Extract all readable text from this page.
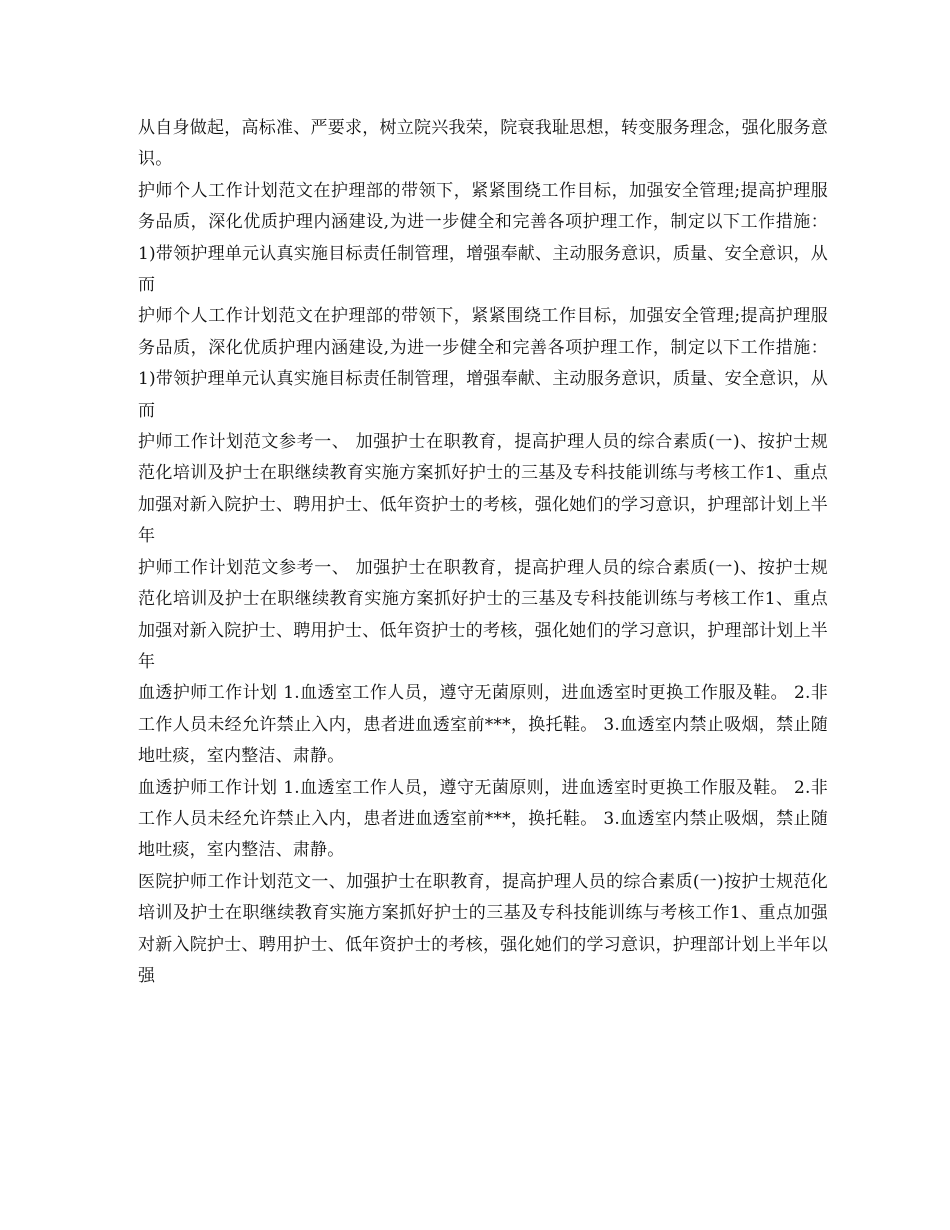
从自身做起，高标准、严要求，树立院兴我荣，院衰我耻思想，转变服务理念，强化服务意识。

护师个人工作计划范文在护理部的带领下，紧紧围绕工作目标，加强安全管理;提高护理服务品质，深化优质护理内涵建设,为进一步健全和完善各项护理工作，制定以下工作措施：1)带领护理单元认真实施目标责任制管理，增强奉献、主动服务意识，质量、安全意识，从而

护师个人工作计划范文在护理部的带领下，紧紧围绕工作目标，加强安全管理;提高护理服务品质，深化优质护理内涵建设,为进一步健全和完善各项护理工作，制定以下工作措施：1)带领护理单元认真实施目标责任制管理，增强奉献、主动服务意识，质量、安全意识，从而

护师工作计划范文参考一、 加强护士在职教育，提高护理人员的综合素质(一)、按护士规范化培训及护士在职继续教育实施方案抓好护士的三基及专科技能训练与考核工作1、重点加强对新入院护士、聘用护士、低年资护士的考核，强化她们的学习意识，护理部计划上半年

护师工作计划范文参考一、 加强护士在职教育，提高护理人员的综合素质(一)、按护士规范化培训及护士在职继续教育实施方案抓好护士的三基及专科技能训练与考核工作1、重点加强对新入院护士、聘用护士、低年资护士的考核，强化她们的学习意识，护理部计划上半年

血透护师工作计划 1.血透室工作人员，遵守无菌原则，进血透室时更换工作服及鞋。 2.非工作人员未经允许禁止入内，患者进血透室前***，换托鞋。 3.血透室内禁止吸烟，禁止随地吐痰，室内整洁、肃静。

血透护师工作计划 1.血透室工作人员，遵守无菌原则，进血透室时更换工作服及鞋。 2.非工作人员未经允许禁止入内，患者进血透室前***，换托鞋。 3.血透室内禁止吸烟，禁止随地吐痰，室内整洁、肃静。

医院护师工作计划范文一、加强护士在职教育，提高护理人员的综合素质(一)按护士规范化培训及护士在职继续教育实施方案抓好护士的三基及专科技能训练与考核工作1、重点加强对新入院护士、聘用护士、低年资护士的考核，强化她们的学习意识，护理部计划上半年以强
